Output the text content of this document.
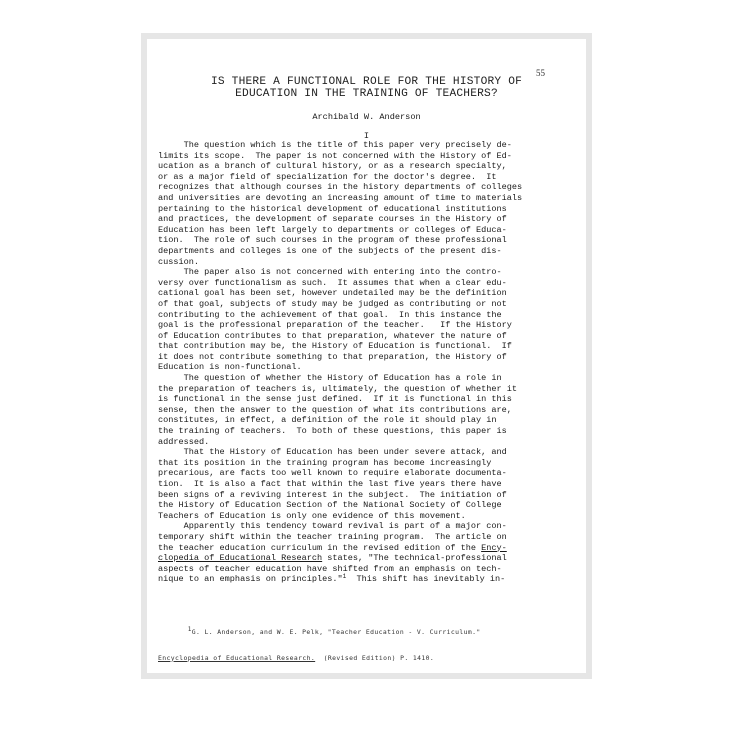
IS THERE A FUNCTIONAL ROLE FOR THE HISTORY OF
EDUCATION IN THE TRAINING OF TEACHERS?
55
Archibald W. Anderson
I
The question which is the title of this paper very precisely de-
limits its scope.  The paper is not concerned with the History of Ed-
ucation as a branch of cultural history, or as a research specialty,
or as a major field of specialization for the doctor's degree.  It
recognizes that although courses in the history departments of colleges
and universities are devoting an increasing amount of time to materials
pertaining to the historical development of educational institutions
and practices, the development of separate courses in the History of
Education has been left largely to departments or colleges of Educa-
tion.  The role of such courses in the program of these professional
departments and colleges is one of the subjects of the present dis-
cussion.
The paper also is not concerned with entering into the contro-
versy over functionalism as such.  It assumes that when a clear edu-
cational goal has been set, however undetailed may be the definition
of that goal, subjects of study may be judged as contributing or not
contributing to the achievement of that goal.  In this instance the
goal is the professional preparation of the teacher.   If the History
of Education contributes to that preparation, whatever the nature of
that contribution may be, the History of Education is functional.  If
it does not contribute something to that preparation, the History of
Education is non-functional.
The question of whether the History of Education has a role in
the preparation of teachers is, ultimately, the question of whether it
is functional in the sense just defined.  If it is functional in this
sense, then the answer to the question of what its contributions are,
constitutes, in effect, a definition of the role it should play in
the training of teachers.  To both of these questions, this paper is
addressed.
That the History of Education has been under severe attack, and
that its position in the training program has become increasingly
precarious, are facts too well known to require elaborate documenta-
tion.  It is also a fact that within the last five years there have
been signs of a reviving interest in the subject.  The initiation of
the History of Education Section of the National Society of College
Teachers of Education is only one evidence of this movement.
Apparently this tendency toward revival is part of a major con-
temporary shift within the teacher training program.  The article on
the teacher education curriculum in the revised edition of the Ency-
clopedia of Educational Research states, "The technical-professional
aspects of teacher education have shifted from an emphasis on tech-
nique to an emphasis on principles."$^1$  This shift has inevitably in-

$^1$G. L. Anderson, and W. E. Pelk, "Teacher Education - V. Curriculum."

Encyclopedia of Educational Research.  (Revised Edition) P. 1410.
